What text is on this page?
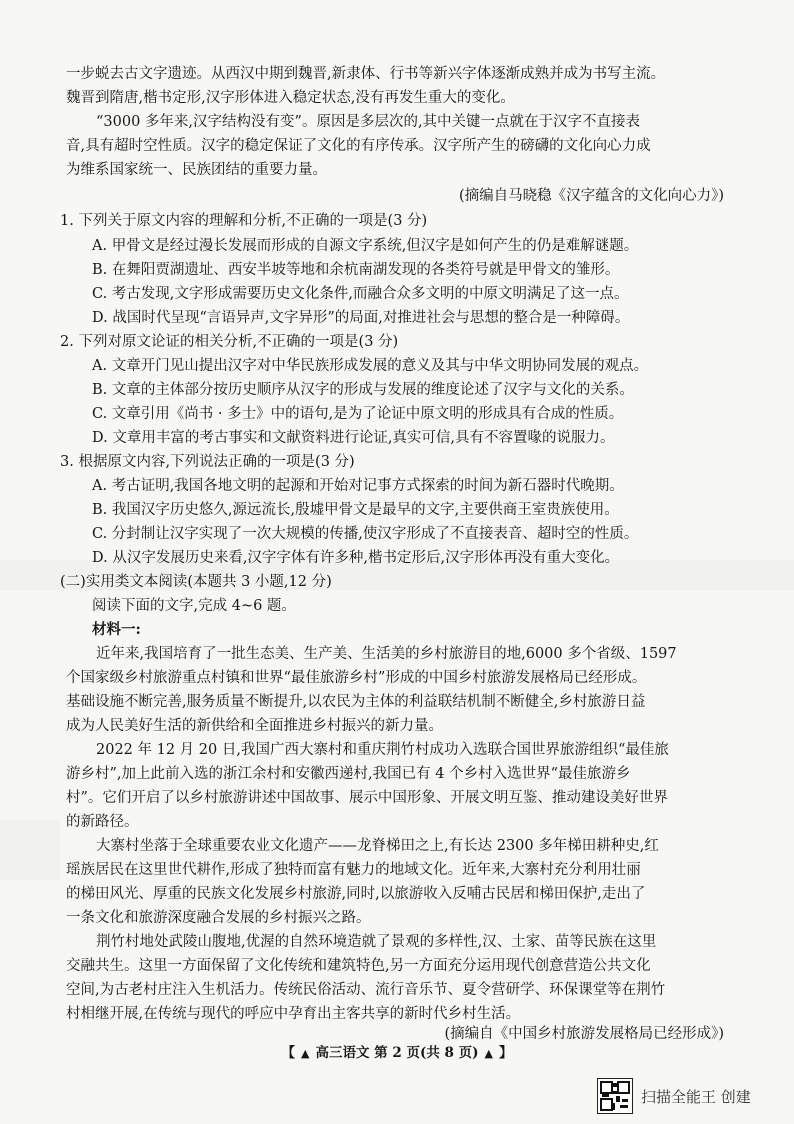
一步蜕去古文字遗迹。从西汉中期到魏晋,新隶体、行书等新兴字体逐渐成熟并成为书写主流。
魏晋到隋唐,楷书定形,汉字形体进入稳定状态,没有再发生重大的变化。
“3000 多年来,汉字结构没有变”。原因是多层次的,其中关键一点就在于汉字不直接表
音,具有超时空性质。汉字的稳定保证了文化的有序传承。汉字所产生的磅礴的文化向心力成
为维系国家统一、民族团结的重要力量。
(摘编自马晓稳《汉字蕴含的文化向心力》)
1. 下列关于原文内容的理解和分析,不正确的一项是(3 分)
A. 甲骨文是经过漫长发展而形成的自源文字系统,但汉字是如何产生的仍是难解谜题。
B. 在舞阳贾湖遗址、西安半坡等地和余杭南湖发现的各类符号就是甲骨文的雏形。
C. 考古发现,文字形成需要历史文化条件,而融合众多文明的中原文明满足了这一点。
D. 战国时代呈现“言语异声,文字异形”的局面,对推进社会与思想的整合是一种障碍。
2. 下列对原文论证的相关分析,不正确的一项是(3 分)
A. 文章开门见山提出汉字对中华民族形成发展的意义及其与中华文明协同发展的观点。
B. 文章的主体部分按历史顺序从汉字的形成与发展的维度论述了汉字与文化的关系。
C. 文章引用《尚书 · 多士》中的语句,是为了论证中原文明的形成具有合成的性质。
D. 文章用丰富的考古事实和文献资料进行论证,真实可信,具有不容置喙的说服力。
3. 根据原文内容,下列说法正确的一项是(3 分)
A. 考古证明,我国各地文明的起源和开始对记事方式探索的时间为新石器时代晚期。
B. 我国汉字历史悠久,源远流长,殷墟甲骨文是最早的文字,主要供商王室贵族使用。
C. 分封制让汉字实现了一次大规模的传播,使汉字形成了不直接表音、超时空的性质。
D. 从汉字发展历史来看,汉字字体有许多种,楷书定形后,汉字形体再没有重大变化。
(二)实用类文本阅读(本题共 3 小题,12 分)
阅读下面的文字,完成 4~6 题。
材料一:
近年来,我国培育了一批生态美、生产美、生活美的乡村旅游目的地,6000 多个省级、1597
个国家级乡村旅游重点村镇和世界“最佳旅游乡村”形成的中国乡村旅游发展格局已经形成。
基础设施不断完善,服务质量不断提升,以农民为主体的利益联结机制不断健全,乡村旅游日益
成为人民美好生活的新供给和全面推进乡村振兴的新力量。
2022 年 12 月 20 日,我国广西大寨村和重庆荆竹村成功入选联合国世界旅游组织“最佳旅
游乡村”,加上此前入选的浙江余村和安徽西递村,我国已有 4 个乡村入选世界“最佳旅游乡
村”。它们开启了以乡村旅游讲述中国故事、展示中国形象、开展文明互鉴、推动建设美好世界
的新路径。
大寨村坐落于全球重要农业文化遗产——龙脊梯田之上,有长达 2300 多年梯田耕种史,红
瑶族居民在这里世代耕作,形成了独特而富有魅力的地域文化。近年来,大寨村充分利用壮丽
的梯田风光、厚重的民族文化发展乡村旅游,同时,以旅游收入反哺古民居和梯田保护,走出了
一条文化和旅游深度融合发展的乡村振兴之路。
荆竹村地处武陵山腹地,优渥的自然环境造就了景观的多样性,汉、土家、苗等民族在这里
交融共生。这里一方面保留了文化传统和建筑特色,另一方面充分运用现代创意营造公共文化
空间,为古老村庄注入生机活力。传统民俗活动、流行音乐节、夏令营研学、环保课堂等在荆竹
村相继开展,在传统与现代的呼应中孕育出主客共享的新时代乡村生活。
(摘编自《中国乡村旅游发展格局已经形成》)
【 ▲ 高三语文 第 2 页(共 8 页) ▲ 】
扫描全能王 创建
